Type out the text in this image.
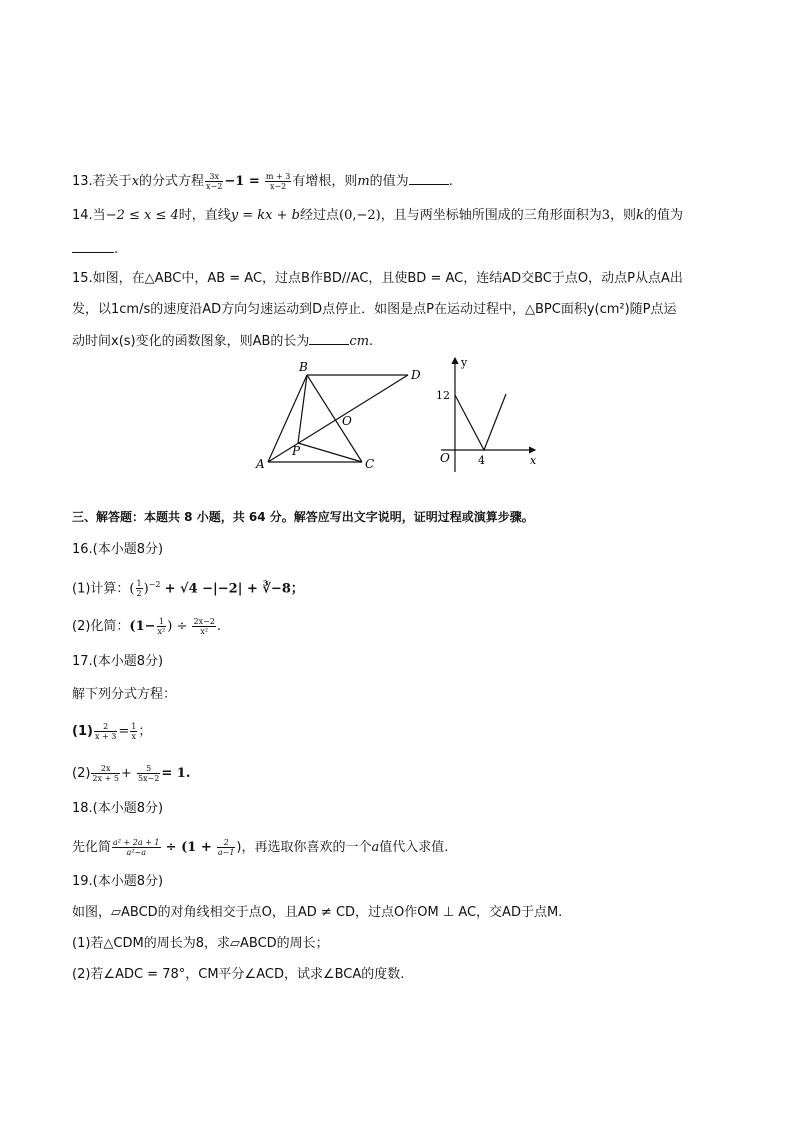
13.若关于x的分式方程 $\frac{3x}{x-2} -1 = \frac{m + 3}{x-2}$ 有增根，则m的值为	.
14.当−2 ≤ x ≤ 4时，直线y = kx + b经过点(0,−2)，且与两坐标轴所围成的三角形面积为3，则k的值为
.
15.如图，在△ABC中，AB = AC，过点B作BD//AC，且使BD = AC，连结AD交BC于点O，动点P从点A出
发，以1cm/s的速度沿AD方向匀速运动到D点停止．如图是点P在运动过程中，△BPC面积y(cm²)随P点运
动时间x(s)变化的函数图象，则AB的长为	cm.
B
D
O
P
A	C
y
x
O
12
4
三、解答题：本题共 8 小题，共 64 分。解答应写出文字说明，证明过程或演算步骤。
16.(本小题8分)
(1)计算：( $\frac{1}{2} )^{-2} + √4 -|-2|$ + ∛−8；
(2)化简：($1- \frac{1}{\text{x²}}$ ) ÷ $\frac{2x-2}{\text{x²}}$ .
17.(本小题8分)
解下列分式方程：
$(1) \frac{2}{x + 3} = \frac{1}{x}$ ；
$(2) \frac{2x}{2x + 5} + \frac{5}{5x-2} = 1$.
18.(本小题8分)
先化简 $\frac{\text{a² + 2a + 1}}{\text{a²−a}} \div (1 + \frac{2}{a-1}$ )，再选取你喜欢的一个a值代入求值.
19.(本小题8分)
如图，▱ABCD的对角线相交于点O，且AD ≠ CD，过点O作OM ⊥ AC，交AD于点M.
(1)若△CDM的周长为8，求▱ABCD的周长；
(2)若∠ADC = 78°，CM平分∠ACD，试求∠BCA的度数.
